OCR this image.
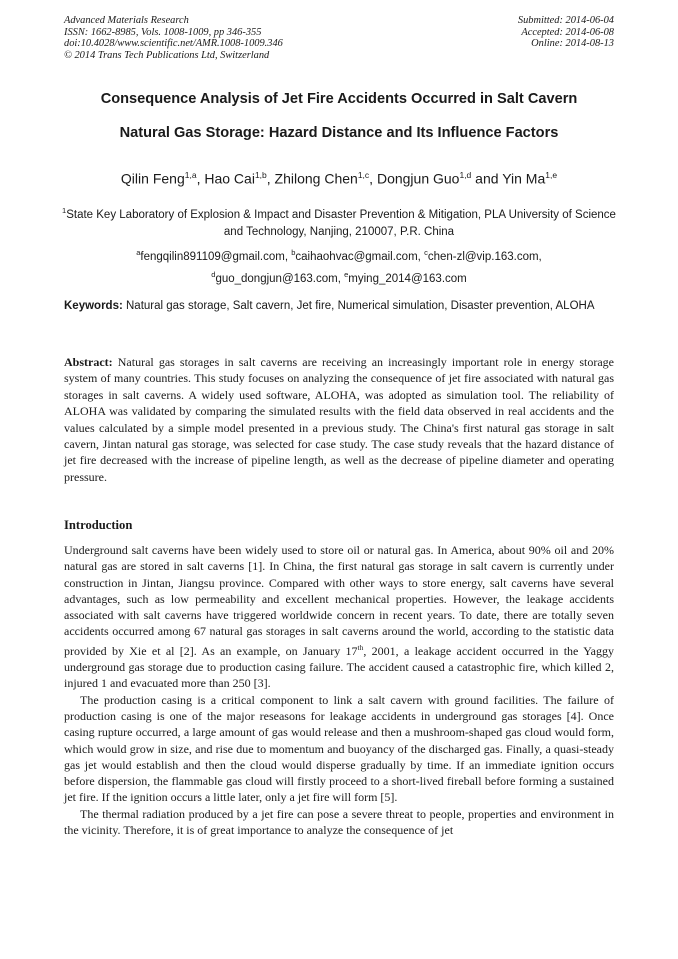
Advanced Materials Research
ISSN: 1662-8985, Vols. 1008-1009, pp 346-355
doi:10.4028/www.scientific.net/AMR.1008-1009.346
© 2014 Trans Tech Publications Ltd, Switzerland
Submitted: 2014-06-04
Accepted: 2014-06-08
Online: 2014-08-13
Consequence Analysis of Jet Fire Accidents Occurred in Salt Cavern
Natural Gas Storage: Hazard Distance and Its Influence Factors
Qilin Feng$^{1,a}$, Hao Cai$^{1,b}$, Zhilong Chen$^{1,c}$, Dongjun Guo$^{1,d}$ and Yin Ma$^{1,e}$
$^1$State Key Laboratory of Explosion & Impact and Disaster Prevention & Mitigation, PLA University of Science and Technology, Nanjing, 210007, P.R. China
$^a$fengqilin891109@gmail.com, $^b$caihaohvac@gmail.com, $^c$chen-zl@vip.163.com,
$^d$guo_dongjun@163.com, $^e$mying_2014@163.com
Keywords: Natural gas storage, Salt cavern, Jet fire, Numerical simulation, Disaster prevention, ALOHA
Abstract: Natural gas storages in salt caverns are receiving an increasingly important role in energy storage system of many countries. This study focuses on analyzing the consequence of jet fire associated with natural gas storages in salt caverns. A widely used software, ALOHA, was adopted as simulation tool. The reliability of ALOHA was validated by comparing the simulated results with the field data observed in real accidents and the values calculated by a simple model presented in a previous study. The China's first natural gas storage in salt cavern, Jintan natural gas storage, was selected for case study. The case study reveals that the hazard distance of jet fire decreased with the increase of pipeline length, as well as the decrease of pipeline diameter and operating pressure.
Introduction

Underground salt caverns have been widely used to store oil or natural gas. In America, about 90% oil and 20% natural gas are stored in salt caverns [1]. In China, the first natural gas storage in salt cavern is currently under construction in Jintan, Jiangsu province. Compared with other ways to store energy, salt caverns have several advantages, such as low permeability and excellent mechanical properties. However, the leakage accidents associated with salt caverns have triggered worldwide concern in recent years. To date, there are totally seven accidents occurred among 67 natural gas storages in salt caverns around the world, according to the statistic data provided by Xie et al [2]. As an example, on January 17th, 2001, a leakage accident occurred in the Yaggy underground gas storage due to production casing failure. The accident caused a catastrophic fire, which killed 2, injured 1 and evacuated more than 250 [3].

The production casing is a critical component to link a salt cavern with ground facilities. The failure of production casing is one of the major reseasons for leakage accidents in underground gas storages [4]. Once casing rupture occurred, a large amount of gas would release and then a mushroom-shaped gas cloud would form, which would grow in size, and rise due to momentum and buoyancy of the discharged gas. Finally, a quasi-steady gas jet would establish and then the cloud would disperse gradually by time. If an immediate ignition occurs before dispersion, the flammable gas cloud will firstly proceed to a short-lived fireball before forming a sustained jet fire. If the ignition occurs a little later, only a jet fire will form [5].

The thermal radiation produced by a jet fire can pose a severe threat to people, properties and environment in the vicinity. Therefore, it is of great importance to analyze the consequence of jet
